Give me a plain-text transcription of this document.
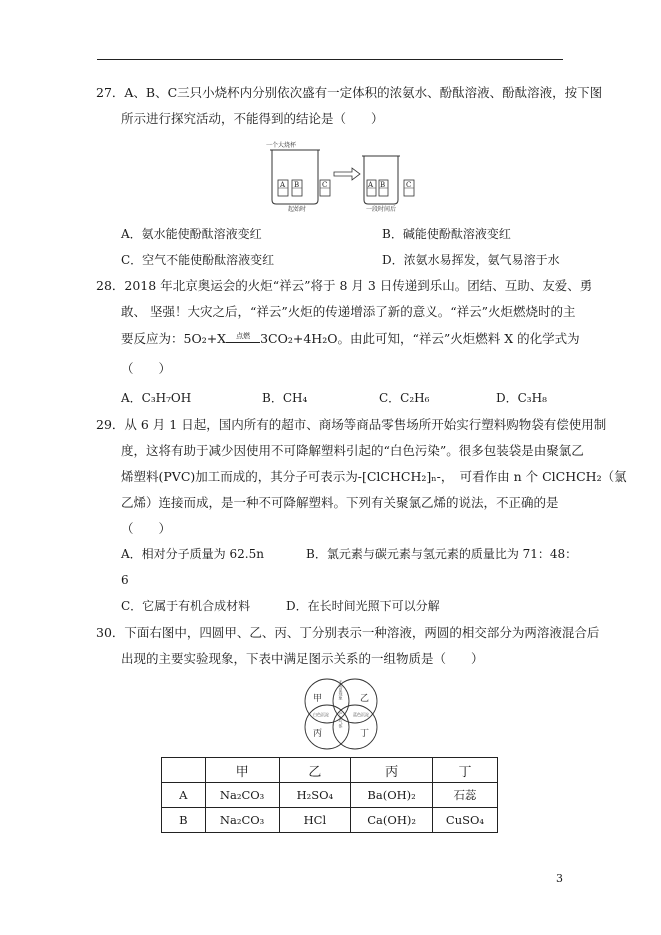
27．A、B、C三只小烧杯内分别依次盛有一定体积的浓氨水、酚酞溶液、酚酞溶液，按下图
所示进行探究活动，不能得到的结论是（　　）
A B	C
一个大烧杯
起始时
A B
一段时间后
C
A．氨水能使酚酞溶液变红	B．碱能使酚酞溶液变红
C．空气不能使酚酞溶液变红	D．浓氨水易挥发，氨气易溶于水
28．2018 年北京奥运会的火炬“祥云”将于 8 月 3 日传递到乐山。团结、互助、友爱、勇
敢、 坚强！大灾之后，“祥云”火炬的传递增添了新的意义。“祥云”火炬燃烧时的主
要反应为：5O₂+X	点燃 3CO₂+4H₂O。由此可知，“祥云”火炬燃料 X 的化学式为
（　　）
A．C₃H₇OH	B．CH₄	C．C₂H₆	D．C₃H₈
29．从 6 月 1 日起，国内所有的超市、商场等商品零售场所开始实行塑料购物袋有偿使用制
度，这将有助于减少因使用不可降解塑料引起的“白色污染”。很多包装袋是由聚氯乙
烯塑料(PVC)加工而成的，其分子可表示为-[ClCHCH₂]ₙ-，　可看作由 n 个 ClCHCH₂（氯
乙烯）连接而成，是一种不可降解塑料。下列有关聚氯乙烯的说法，不正确的是
（　　）
A．相对分子质量为 62.5n	B．氯元素与碳元素与氢元素的质量比为 71：48：
6
C．它属于有机合成材料	D．在长时间光照下可以分解
30．下面右图中，四圆甲、乙、丙、丁分别表示一种溶液，两圆的相交部分为两溶液混合后
出现的主要实验现象，下表中满足图示关系的一组物质是（　　）
甲	乙
丙	丁
无明显现象
白色沉淀	蓝色沉淀
产生气体
	甲	乙	丙	丁
A	Na₂CO₃	H₂SO₄	Ba(OH)₂	石蕊
B	Na₂CO₃	HCl	Ca(OH)₂	CuSO₄
3
